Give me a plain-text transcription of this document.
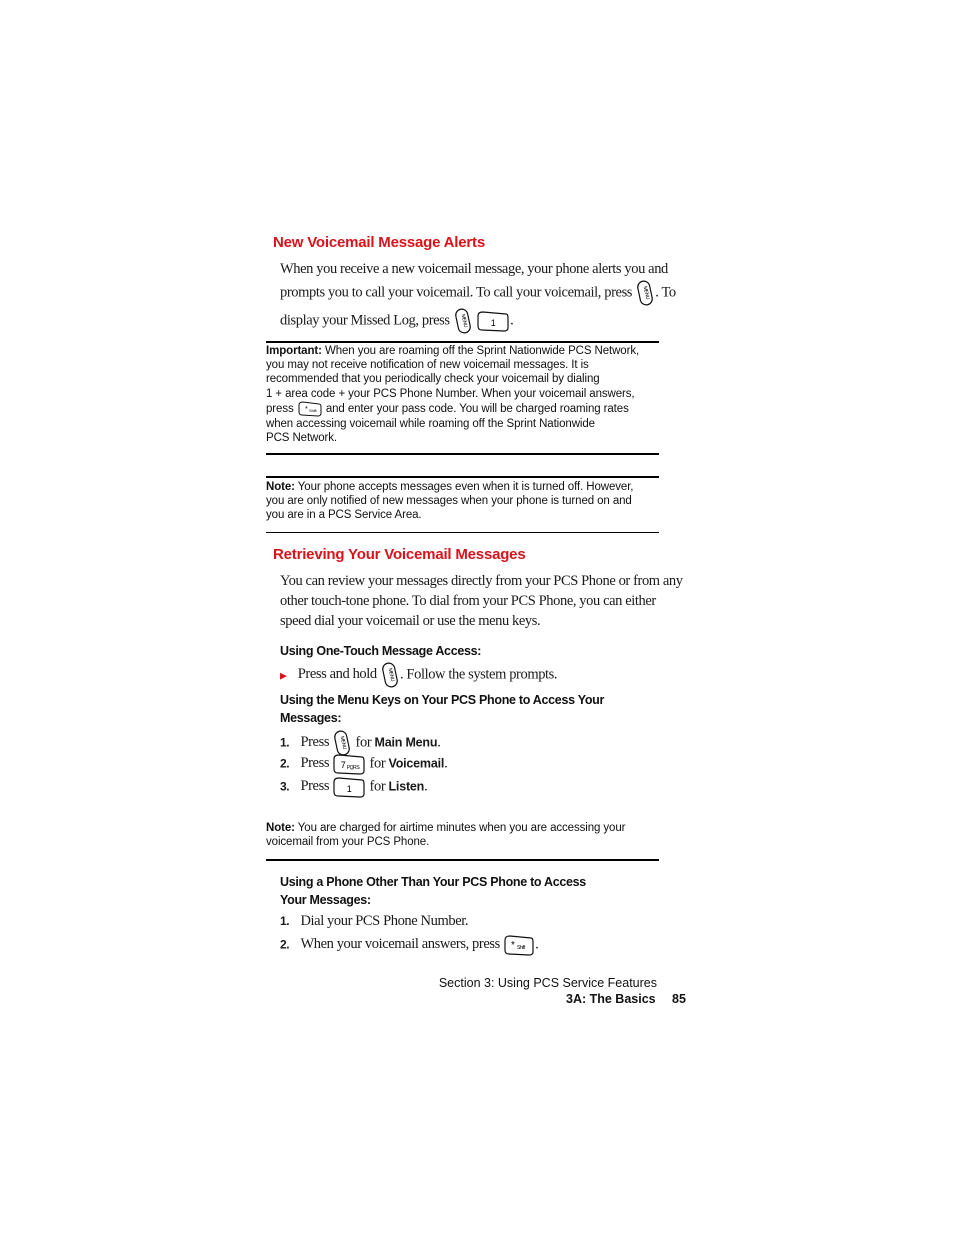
New Voicemail Message Alerts
When you receive a new voicemail message, your phone alerts you and
prompts you to call your voicemail. To call your voicemail, press MENU . To
display your Missed Log, press MENU
	1 .
Important: When you are roaming off the Sprint Nationwide PCS Network,
you may not receive notification of new voicemail messages. It is
recommended that you periodically check your voicemail by dialing
1 + area code + your PCS Phone Number. When your voicemail answers,
press * Shift and enter your pass code. You will be charged roaming rates
when accessing voicemail while roaming off the Sprint Nationwide
PCS Network.
Note: Your phone accepts messages even when it is turned off. However,
you are only notified of new messages when your phone is turned on and
you are in a PCS Service Area.
Retrieving Your Voicemail Messages
You can review your messages directly from your PCS Phone or from any
other touch-tone phone. To dial from your PCS Phone, you can either
speed dial your voicemail or use the menu keys.
Using One-Touch Message Access:
▶ Press and hold MENU . Follow the system prompts.
Using the Menu Keys on Your PCS Phone to Access Your
Messages:
1. Press MENU for Main Menu.
2. Press 7 PQRS for Voicemail.
3. Press 1 for Listen.
Note: You are charged for airtime minutes when you are accessing your
voicemail from your PCS Phone.
Using a Phone Other Than Your PCS Phone to Access
Your Messages:
1. Dial your PCS Phone Number.
2. When your voicemail answers, press * Shift .
Section 3: Using PCS Service Features
3A: The Basics 85
